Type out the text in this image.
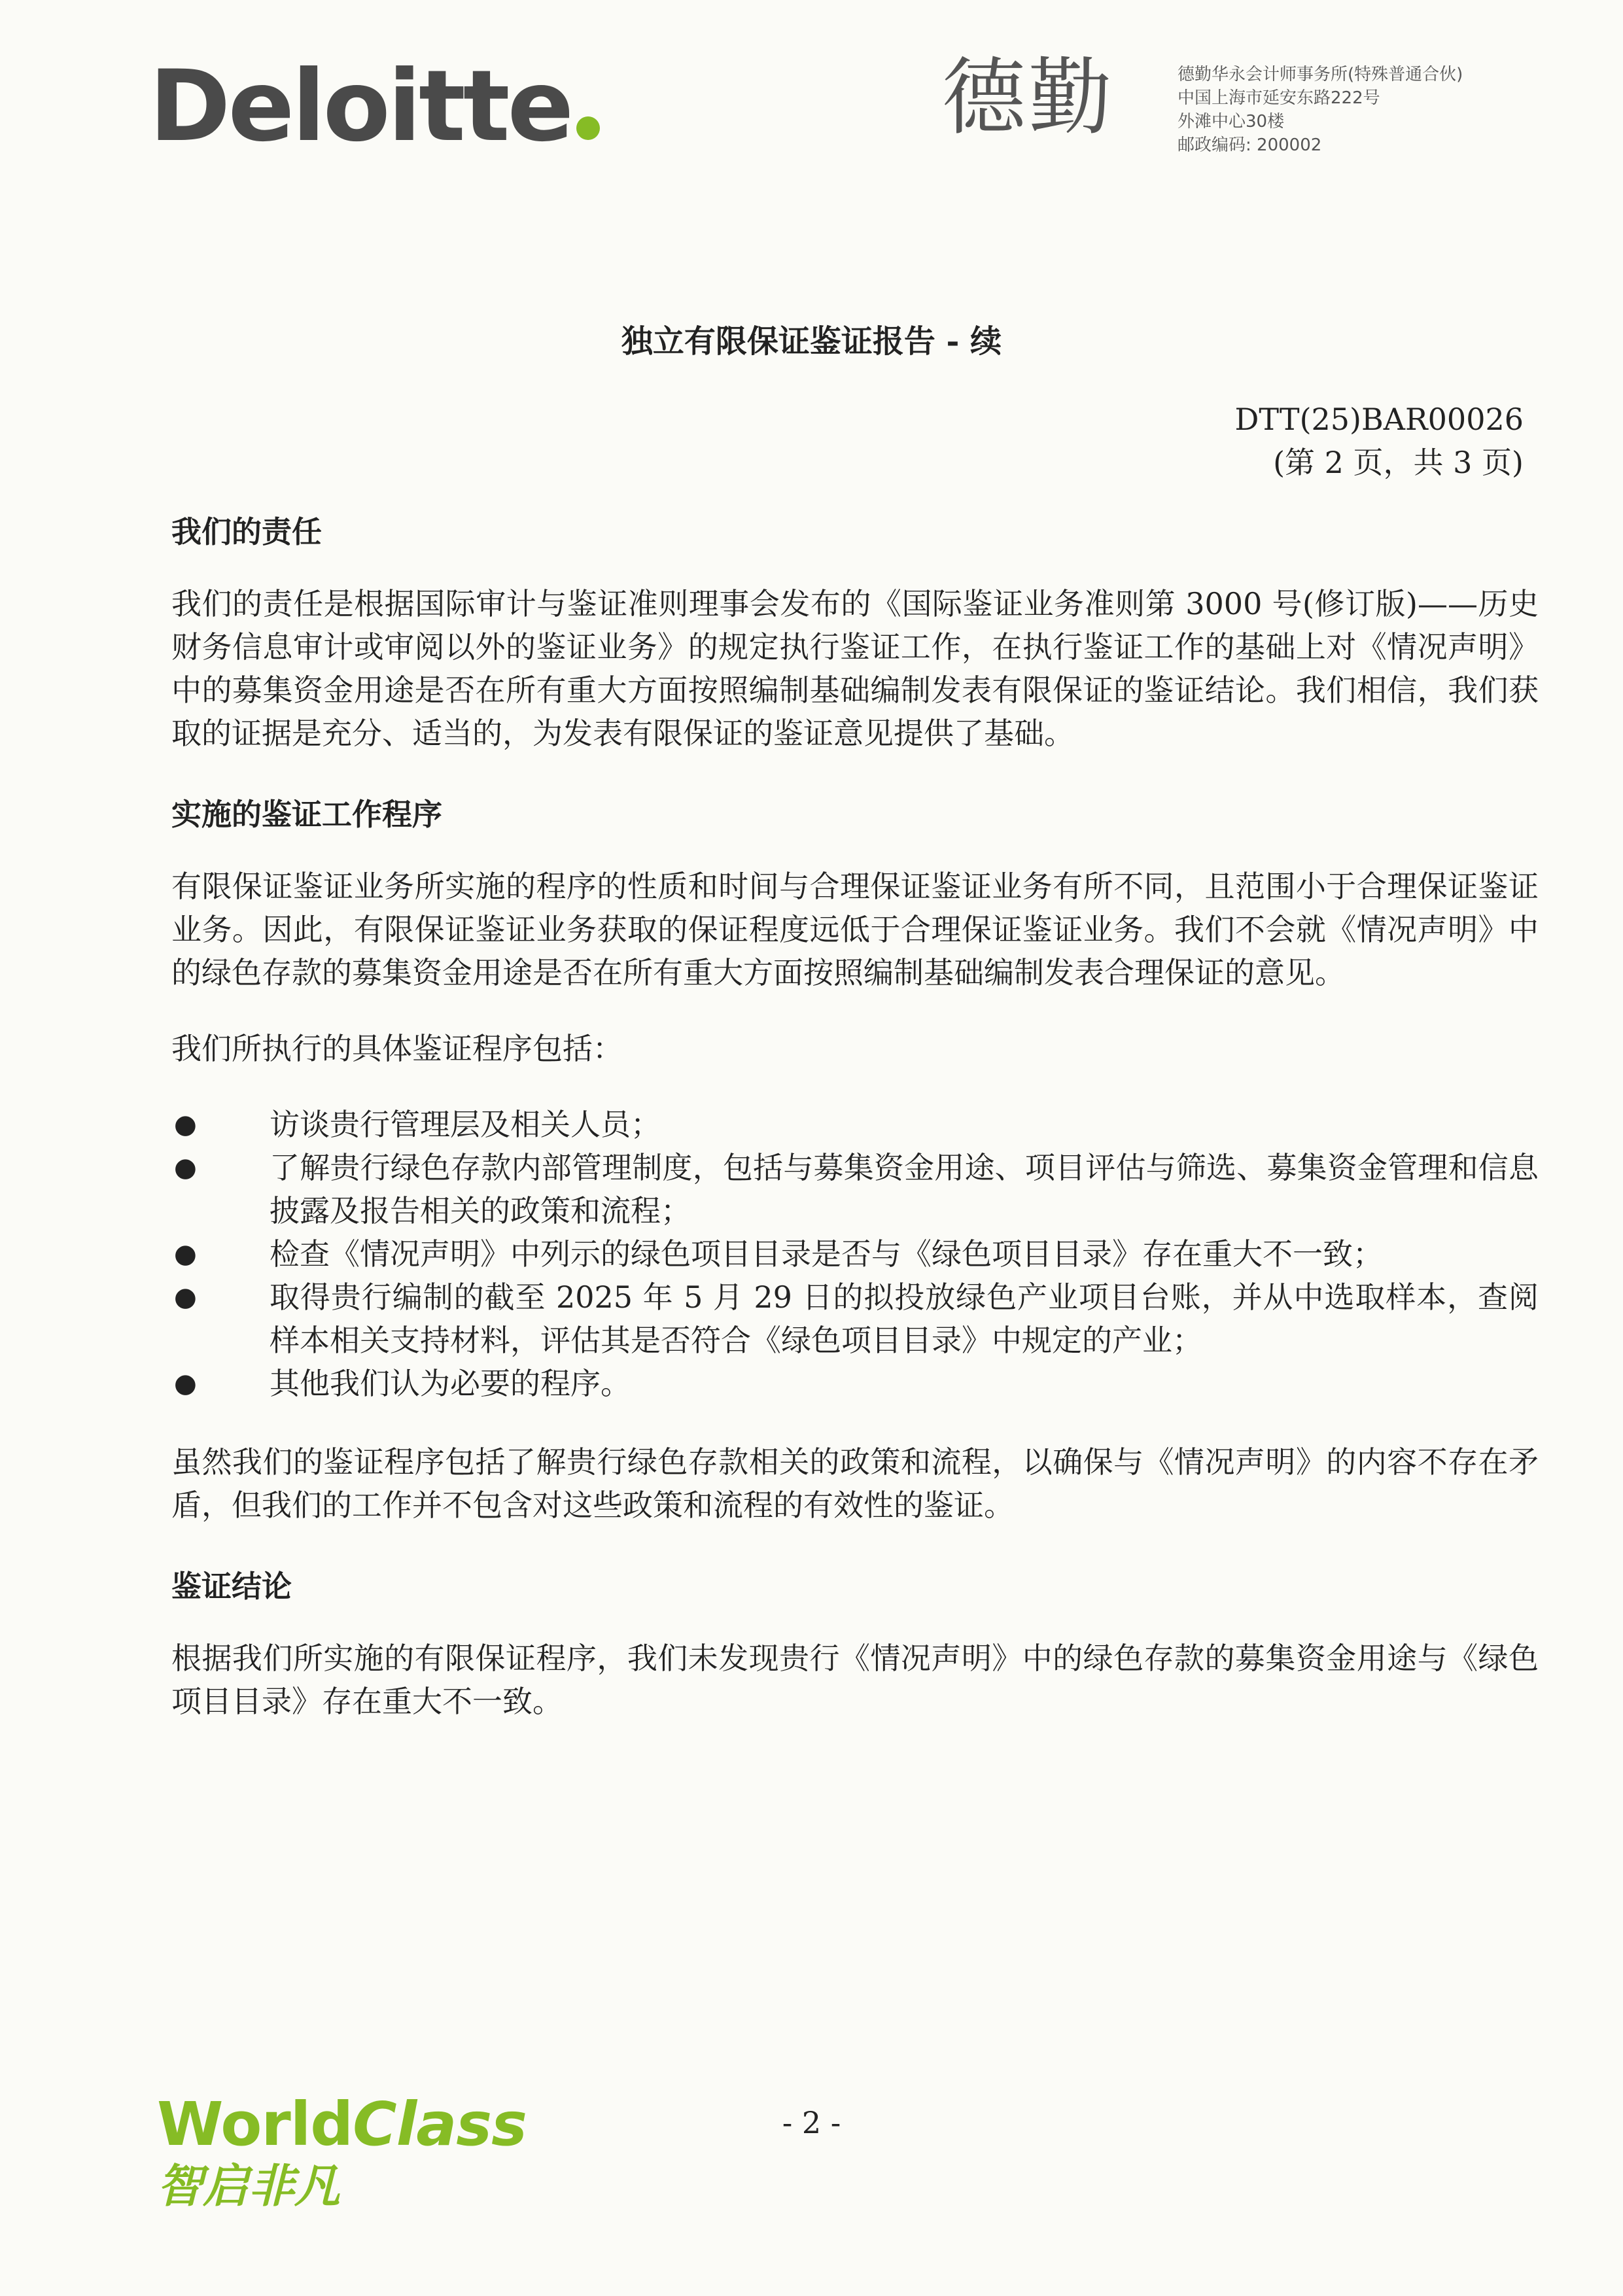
Deloitte	德勤	德勤华永会计师事务所(特殊普通合伙)
中国上海市延安东路222号
外滩中心30楼
邮政编码: 200002
独立有限保证鉴证报告 - 续
DTT(25)BAR00026
(第 2 页，共 3 页)
我们的责任

我们的责任是根据国际审计与鉴证准则理事会发布的《国际鉴证业务准则第 3000 号(修订版)——历史财务信息审计或审阅以外的鉴证业务》的规定执行鉴证工作，在执行鉴证工作的基础上对《情况声明》中的募集资金用途是否在所有重大方面按照编制基础编制发表有限保证的鉴证结论。我们相信，我们获取的证据是充分、适当的，为发表有限保证的鉴证意见提供了基础。

实施的鉴证工作程序

有限保证鉴证业务所实施的程序的性质和时间与合理保证鉴证业务有所不同，且范围小于合理保证鉴证业务。因此，有限保证鉴证业务获取的保证程度远低于合理保证鉴证业务。我们不会就《情况声明》中的绿色存款的募集资金用途是否在所有重大方面按照编制基础编制发表合理保证的意见。

我们所执行的具体鉴证程序包括：

● 访谈贵行管理层及相关人员；
● 了解贵行绿色存款内部管理制度，包括与募集资金用途、项目评估与筛选、募集资金管理和信息披露及报告相关的政策和流程；
● 检查《情况声明》中列示的绿色项目目录是否与《绿色项目目录》存在重大不一致；
● 取得贵行编制的截至 2025 年 5 月 29 日的拟投放绿色产业项目台账，并从中选取样本，查阅样本相关支持材料，评估其是否符合《绿色项目目录》中规定的产业；
● 其他我们认为必要的程序。

虽然我们的鉴证程序包括了解贵行绿色存款相关的政策和流程，以确保与《情况声明》的内容不存在矛盾，但我们的工作并不包含对这些政策和流程的有效性的鉴证。

鉴证结论

根据我们所实施的有限保证程序，我们未发现贵行《情况声明》中的绿色存款的募集资金用途与《绿色项目目录》存在重大不一致。

WorldClass
智启非凡
- 2 -
